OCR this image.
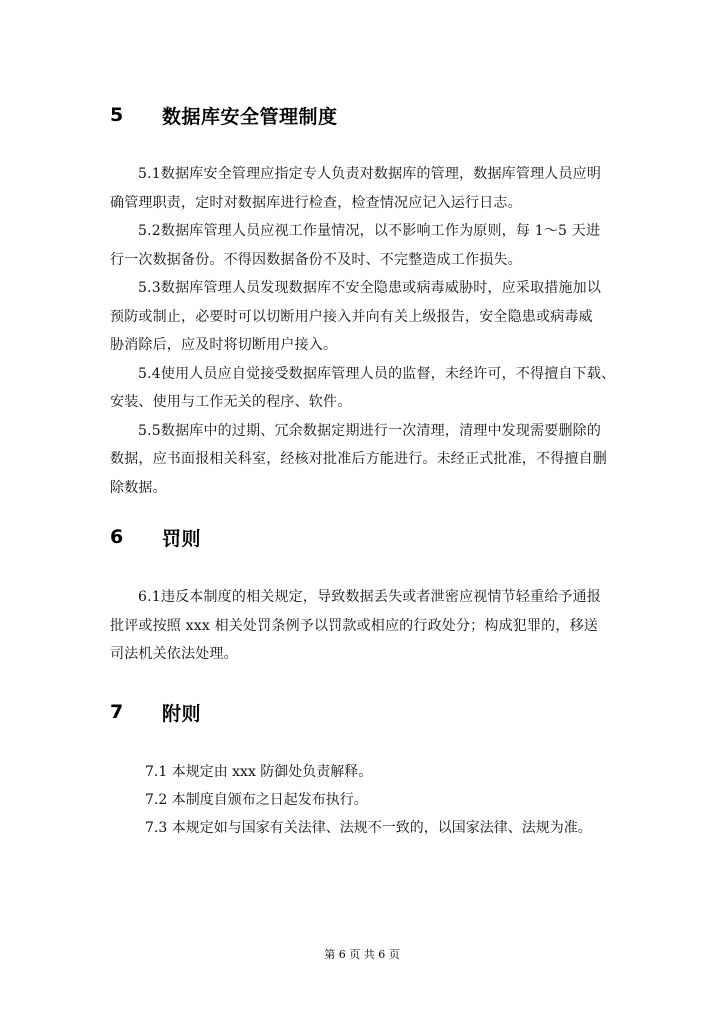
5	数据库安全管理制度
5.1数据库安全管理应指定专人负责对数据库的管理，数据库管理人员应明
确管理职责，定时对数据库进行检查，检查情况应记入运行日志。
5.2数据库管理人员应视工作量情况，以不影响工作为原则，每 1～5 天进
行一次数据备份。不得因数据备份不及时、不完整造成工作损失。
5.3数据库管理人员发现数据库不安全隐患或病毒威胁时，应采取措施加以
预防或制止，必要时可以切断用户接入并向有关上级报告，安全隐患或病毒威
胁消除后，应及时将切断用户接入。
5.4使用人员应自觉接受数据库管理人员的监督，未经许可，不得擅自下载、
安装、使用与工作无关的程序、软件。
5.5数据库中的过期、冗余数据定期进行一次清理，清理中发现需要删除的
数据，应书面报相关科室，经核对批准后方能进行。未经正式批准，不得擅自删
除数据。
6	罚则
6.1违反本制度的相关规定，导致数据丢失或者泄密应视情节轻重给予通报
批评或按照 xxx 相关处罚条例予以罚款或相应的行政处分；构成犯罪的，移送
司法机关依法处理。
7	附则
7.1 本规定由 xxx 防御处负责解释。
7.2 本制度自颁布之日起发布执行。
7.3 本规定如与国家有关法律、法规不一致的，以国家法律、法规为准。
第 6 页 共 6 页
